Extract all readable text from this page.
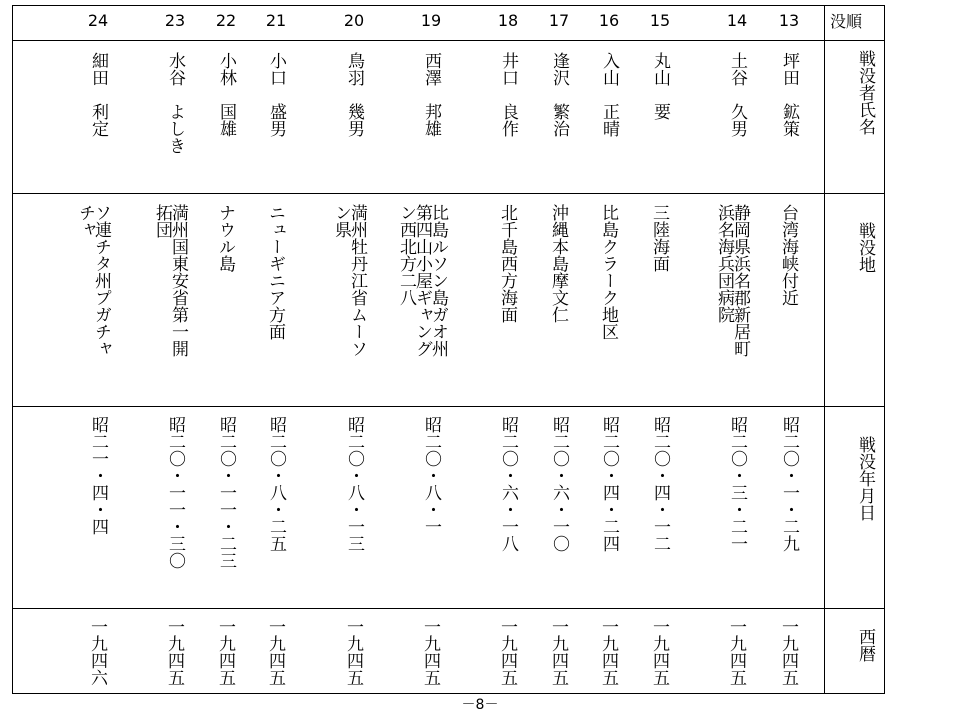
没順
戦没者氏名
戦没地
戦没年月日
西暦
13
坪田　鉱策
台湾海峡付近
昭二〇・一・二九
一九四五
14
土谷　久男
静岡県浜名郡新居町
浜名海兵団病院
昭二〇・三・二一
一九四五
15
丸山　要
三陸海面
昭二〇・四・一二
一九四五
16
入山　正晴
比島クラーク地区
昭二〇・四・二四
一九四五
17
逢沢　繁治
沖縄本島摩文仁
昭二〇・六・一〇
一九四五
18
井口　良作
北千島西方海面
昭二〇・六・一八
一九四五
19
西澤　邦雄
比島ルソン島ガオ州
第四山小屋ギャング
ン西北方二八
昭二〇・八・一
一九四五
20
鳥羽　幾男
満州牡丹江省ムーソ
ン県
昭二〇・八・一三
一九四五
21
小口　盛男
ニューギニア方面
昭二〇・八・二五
一九四五
22
小林　国雄
ナウル島
昭二〇・一一・二三
一九四五
23
水谷　よしき
満州国東安省第一開
拓団
昭二〇・一一・三〇
一九四五
24
細田　利定
ソ連チタ州プガチャ
チャ
昭二一・四・四
一九四六
－8－
